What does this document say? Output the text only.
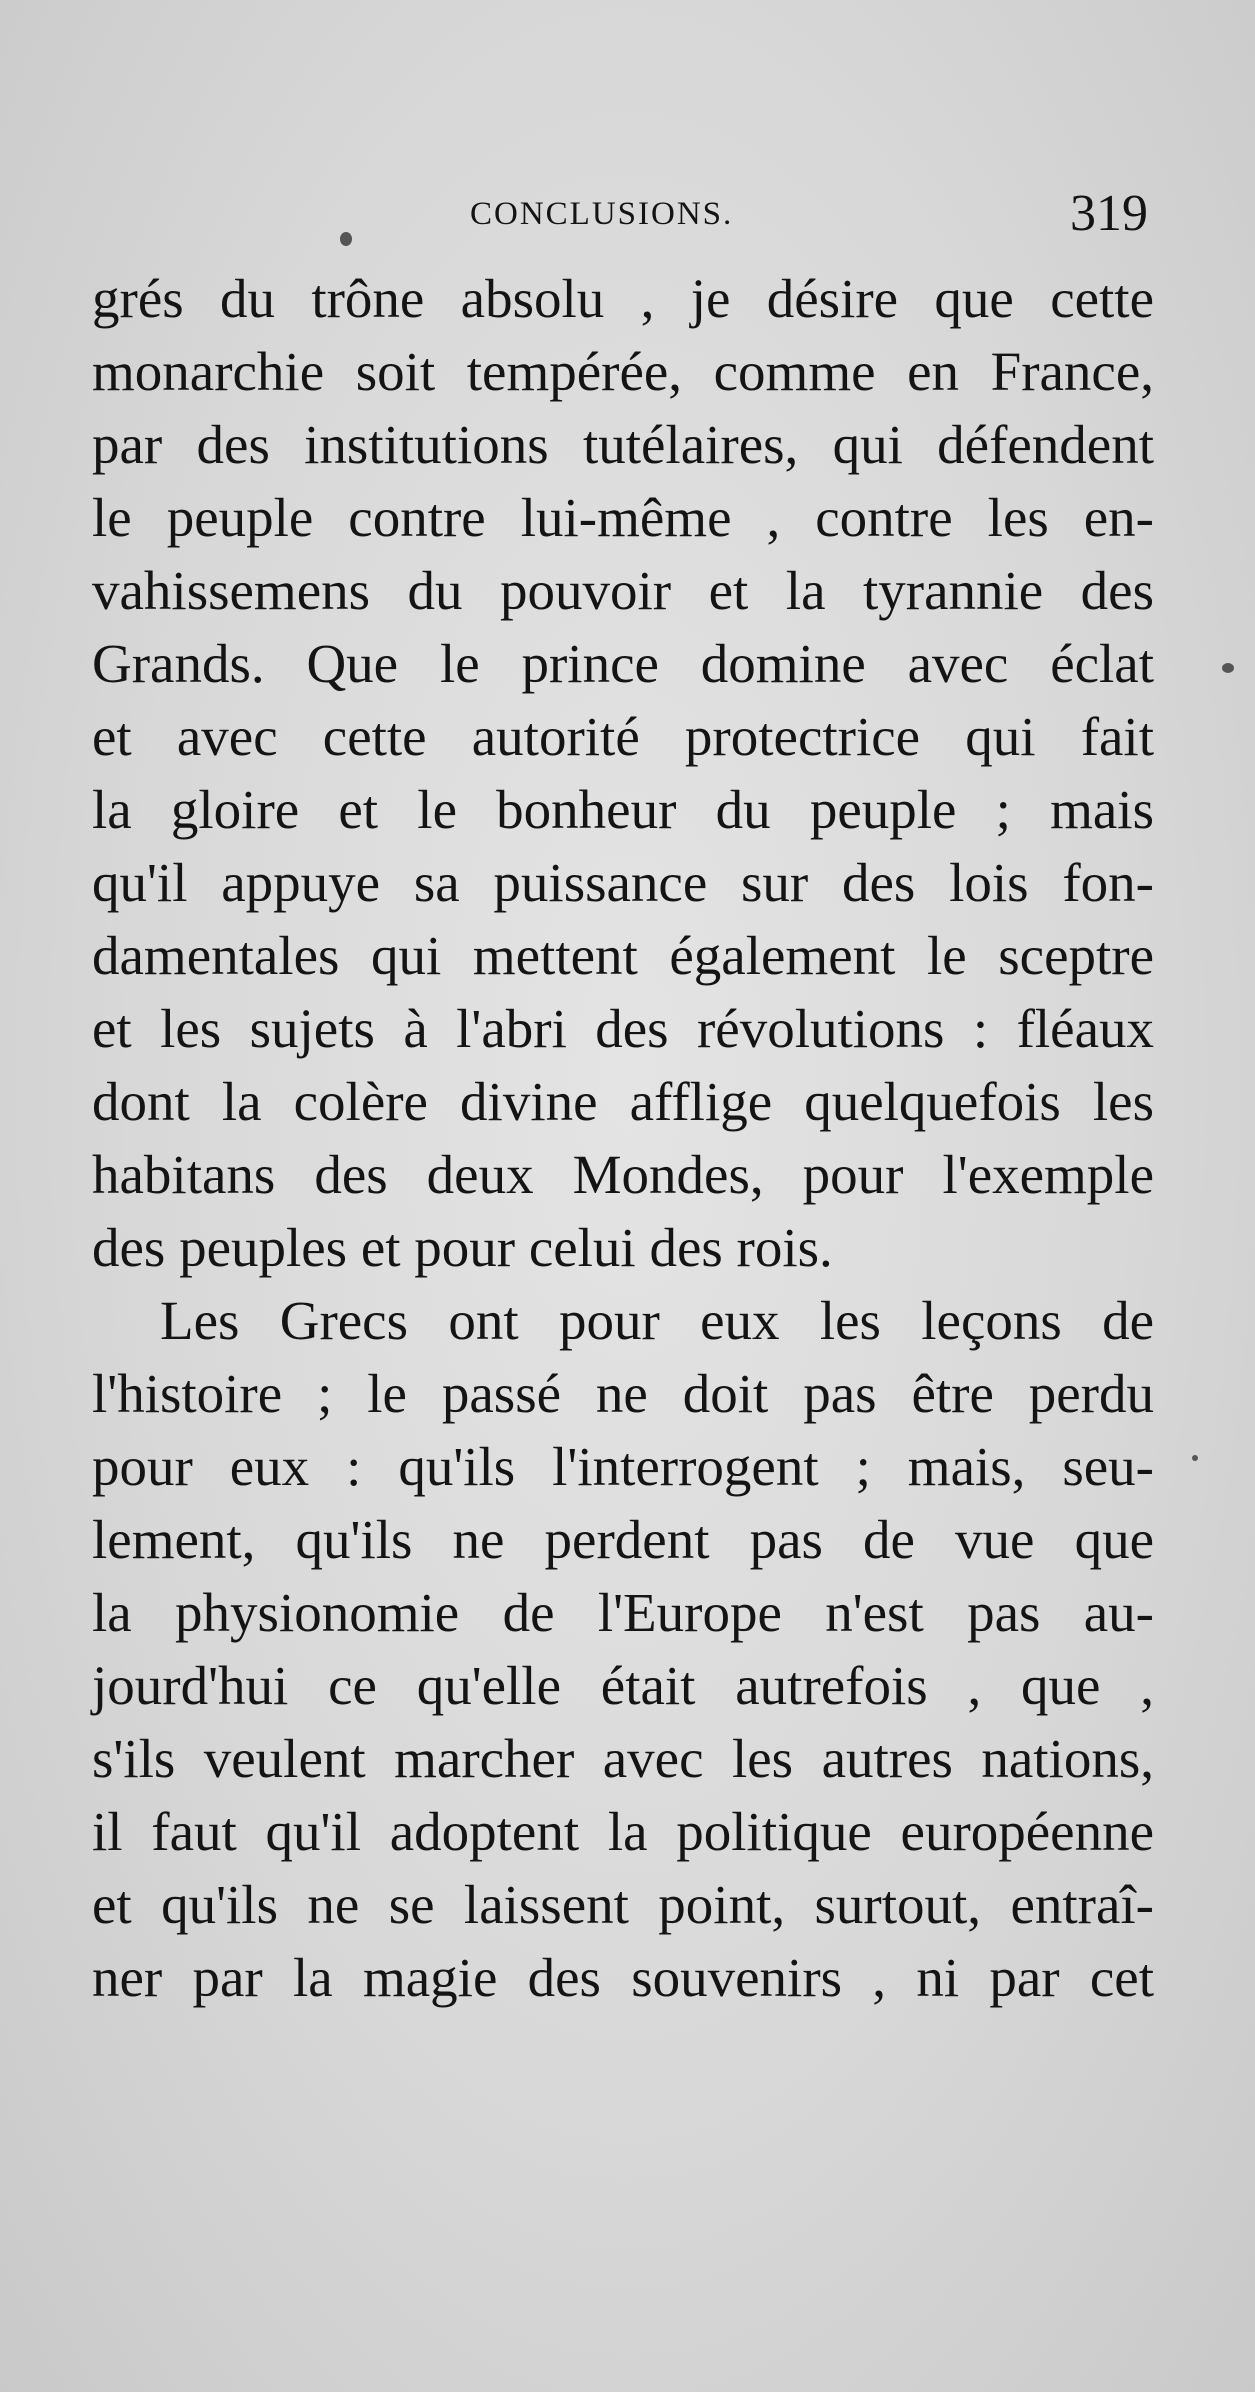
CONCLUSIONS.	319
grés du trône absolu , je désire que cette
monarchie soit tempérée, comme en France,
par des institutions tutélaires, qui défendent
le peuple contre lui-même , contre les en-
vahissemens du pouvoir et la tyrannie des
Grands. Que le prince domine avec éclat
et avec cette autorité protectrice qui fait
la gloire et le bonheur du peuple ; mais
qu'il appuye sa puissance sur des lois fon-
damentales qui mettent également le sceptre
et les sujets à l'abri des révolutions : fléaux
dont la colère divine afflige quelquefois les
habitans des deux Mondes, pour l'exemple
des peuples et pour celui des rois.
Les Grecs ont pour eux les leçons de
l'histoire ; le passé ne doit pas être perdu
pour eux : qu'ils l'interrogent ; mais, seu-
lement, qu'ils ne perdent pas de vue que
la physionomie de l'Europe n'est pas au-
jourd'hui ce qu'elle était autrefois , que ,
s'ils veulent marcher avec les autres nations,
il faut qu'il adoptent la politique européenne
et qu'ils ne se laissent point, surtout, entraî-
ner par la magie des souvenirs , ni par cet
